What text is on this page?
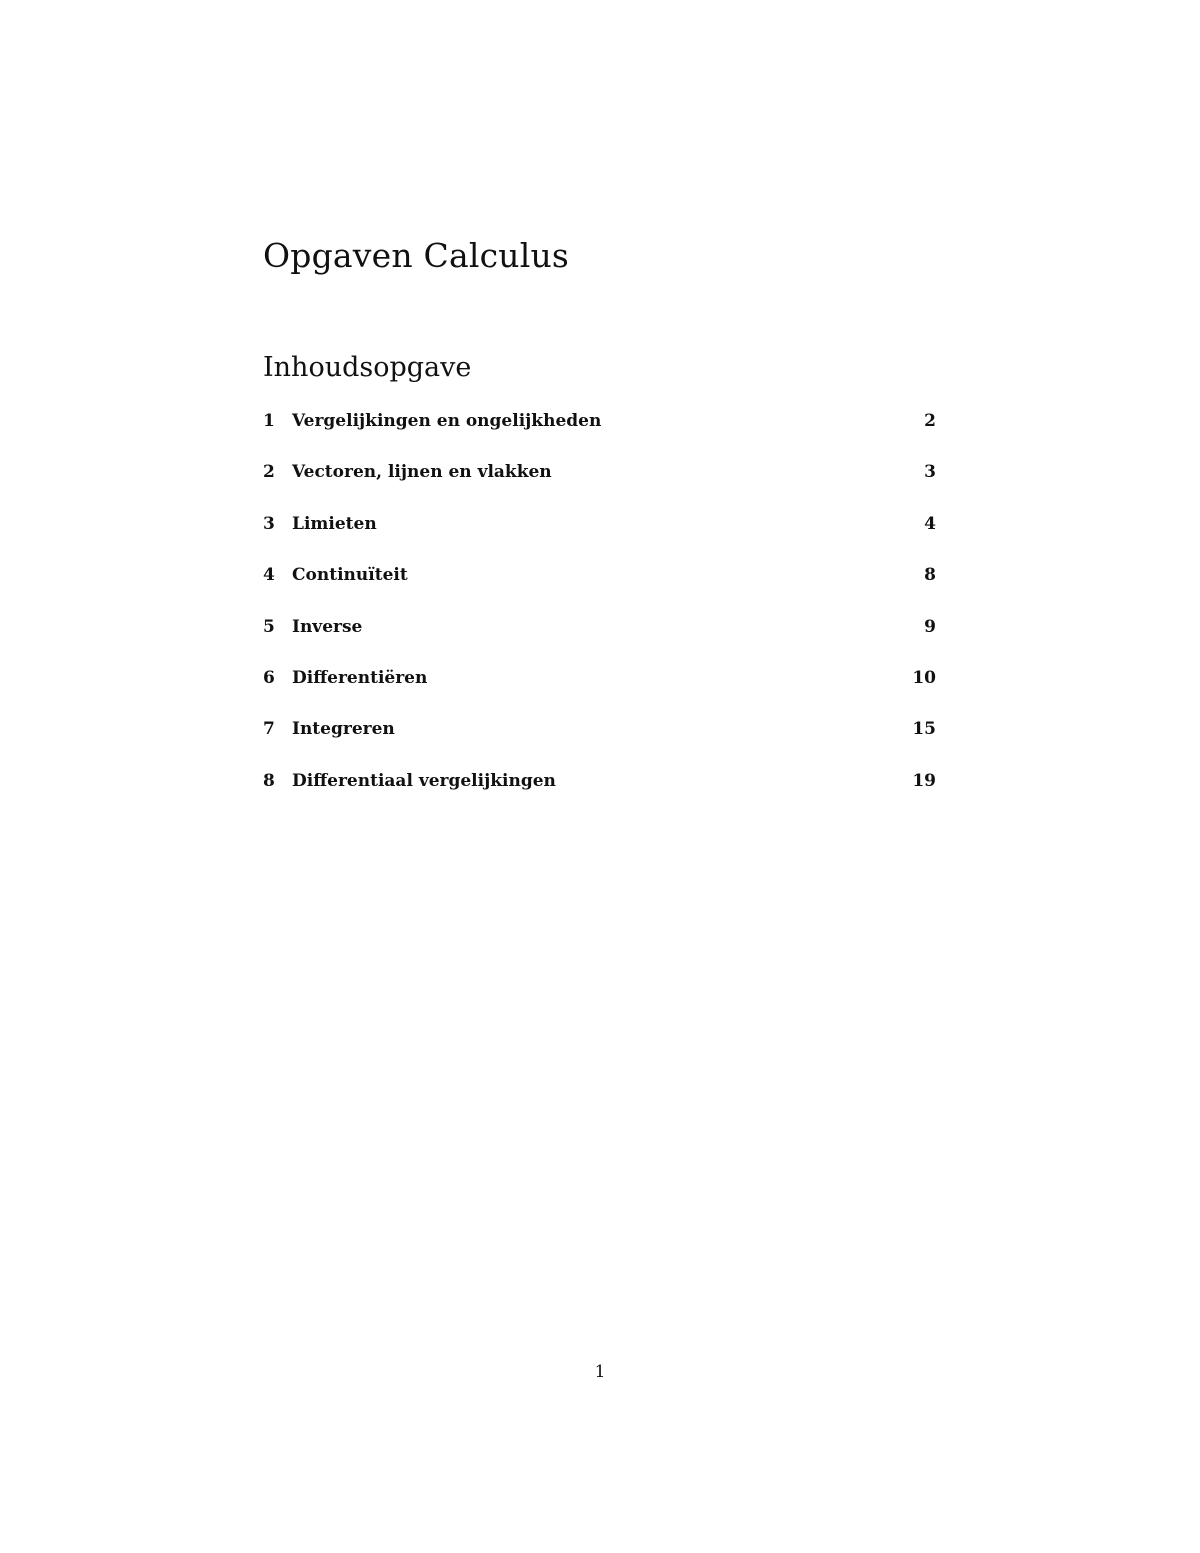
Opgaven Calculus
Inhoudsopgave
1	Vergelijkingen en ongelijkheden	2
2	Vectoren, lijnen en vlakken	3
3	Limieten	4
4	Continuïteit	8
5	Inverse	9
6	Differentiëren	10
7	Integreren	15
8	Differentiaal vergelijkingen	19
1
